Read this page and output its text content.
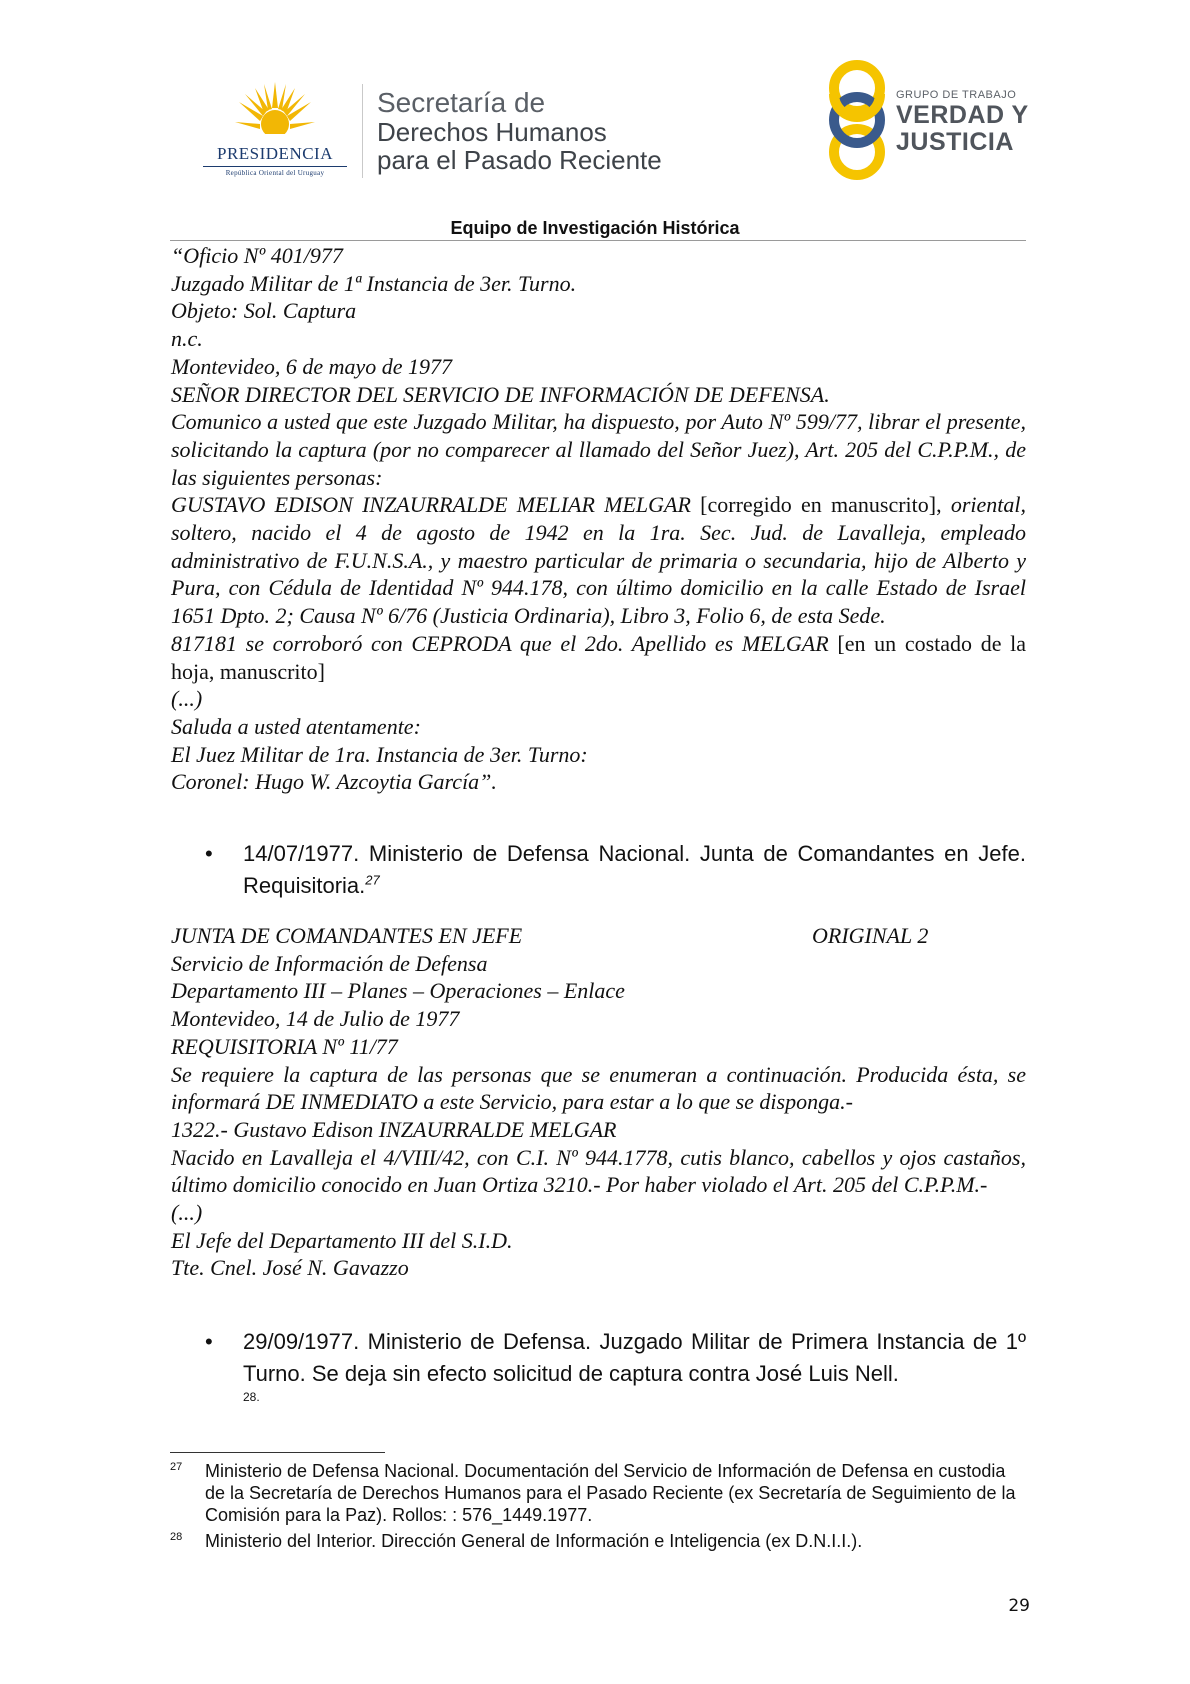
PRESIDENCIA
República Oriental del Uruguay
Secretaría de
Derechos Humanos
para el Pasado Reciente
GRUPO DE TRABAJO
VERDAD Y
JUSTICIA
Equipo de Investigación Histórica

“Oficio Nº 401/977

Juzgado Militar de 1ª Instancia de 3er. Turno.

Objeto: Sol. Captura

n.c.

Montevideo, 6 de mayo de 1977

SEÑOR DIRECTOR DEL SERVICIO DE INFORMACIÓN DE DEFENSA.

Comunico a usted que este Juzgado Militar, ha dispuesto, por Auto Nº 599/77, librar el presente, solicitando la captura (por no comparecer al llamado del Señor Juez), Art. 205 del C.P.P.M., de las siguientes personas:

GUSTAVO EDISON INZAURRALDE MELIAR MELGAR [corregido en manuscrito], oriental, soltero, nacido el 4 de agosto de 1942 en la 1ra. Sec. Jud. de Lavalleja, empleado administrativo de F.U.N.S.A., y maestro particular de primaria o secundaria, hijo de Alberto y Pura, con Cédula de Identidad Nº 944.178, con último domicilio en la calle Estado de Israel 1651 Dpto. 2; Causa Nº 6/76 (Justicia Ordinaria), Libro 3, Folio 6, de esta Sede.

817181 se corroboró con CEPRODA que el 2do. Apellido es MELGAR [en un costado de la hoja, manuscrito]

(...)

Saluda a usted atentamente:

El Juez Militar de 1ra. Instancia de 3er. Turno:

Coronel: Hugo W. Azcoytia García”.

• 14/07/1977. Ministerio de Defensa Nacional. Junta de Comandantes en Jefe. Requisitoria.$^{27}$
JUNTA DE COMANDANTES EN JEFE	ORIGINAL 2

Servicio de Información de Defensa

Departamento III – Planes – Operaciones – Enlace

Montevideo, 14 de Julio de 1977

REQUISITORIA Nº 11/77

Se requiere la captura de las personas que se enumeran a continuación. Producida ésta, se informará DE INMEDIATO a este Servicio, para estar a lo que se disponga.-

1322.- Gustavo Edison INZAURRALDE MELGAR

Nacido en Lavalleja el 4/VIII/42, con C.I. Nº 944.1778, cutis blanco, cabellos y ojos castaños, último domicilio conocido en Juan Ortiza 3210.- Por haber violado el Art. 205 del C.P.P.M.-

(...)

El Jefe del Departamento III del S.I.D.

Tte. Cnel. José N. Gavazzo

• 29/09/1977. Ministerio de Defensa. Juzgado Militar de Primera Instancia de 1º Turno. Se deja sin efecto solicitud de captura contra José Luis Nell.
28.
27 Ministerio de Defensa Nacional. Documentación del Servicio de Información de Defensa en custodia de la Secretaría de Derechos Humanos para el Pasado Reciente (ex Secretaría de Seguimiento de la Comisión para la Paz). Rollos: : 576_1449.1977.
28 Ministerio del Interior. Dirección General de Información e Inteligencia (ex D.N.I.I.).
29
